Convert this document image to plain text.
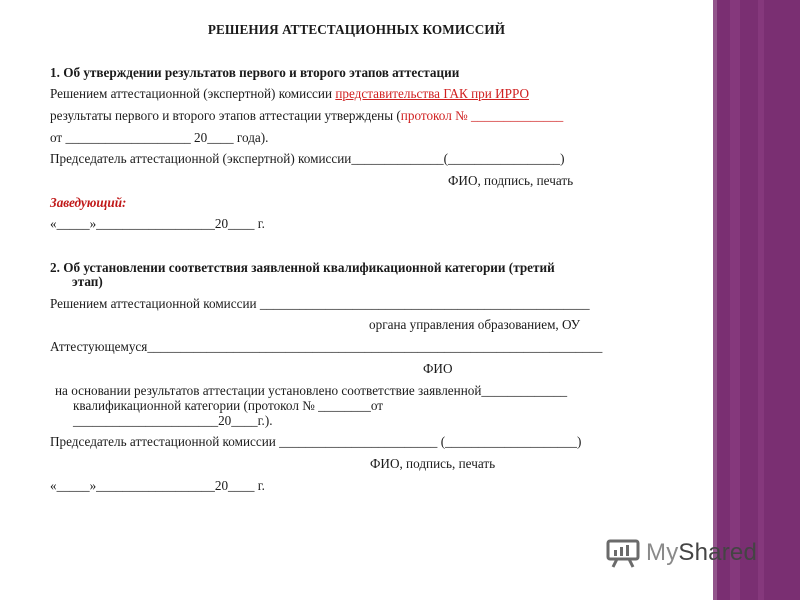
РЕШЕНИЯ АТТЕСТАЦИОННЫХ КОМИССИЙ
1. Об утверждении результатов первого и второго этапов аттестации
Решением аттестационной (экспертной) комиссии представительства ГАК при ИРРО
результаты первого и второго этапов аттестации утверждены (протокол № ______________
от ___________________ 20____ года).
Председатель аттестационной (экспертной) комиссии______________(_________________)
ФИО, подпись, печать
Заведующий:
«_____»__________________20____ г.
2. Об установлении соответствия заявленной квалификационной категории (третий
этап)
Решением аттестационной комиссии __________________________________________________
органа управления образованием, ОУ
Аттестующемуся_____________________________________________________________________
ФИО
на основании результатов аттестации установлено соответствие заявленной_____________
квалификационной категории (протокол № ________от
______________________20____г.).
Председатель аттестационной комиссии ________________________ (____________________)
ФИО, подпись, печать
«_____»__________________20____ г.
MyShared
